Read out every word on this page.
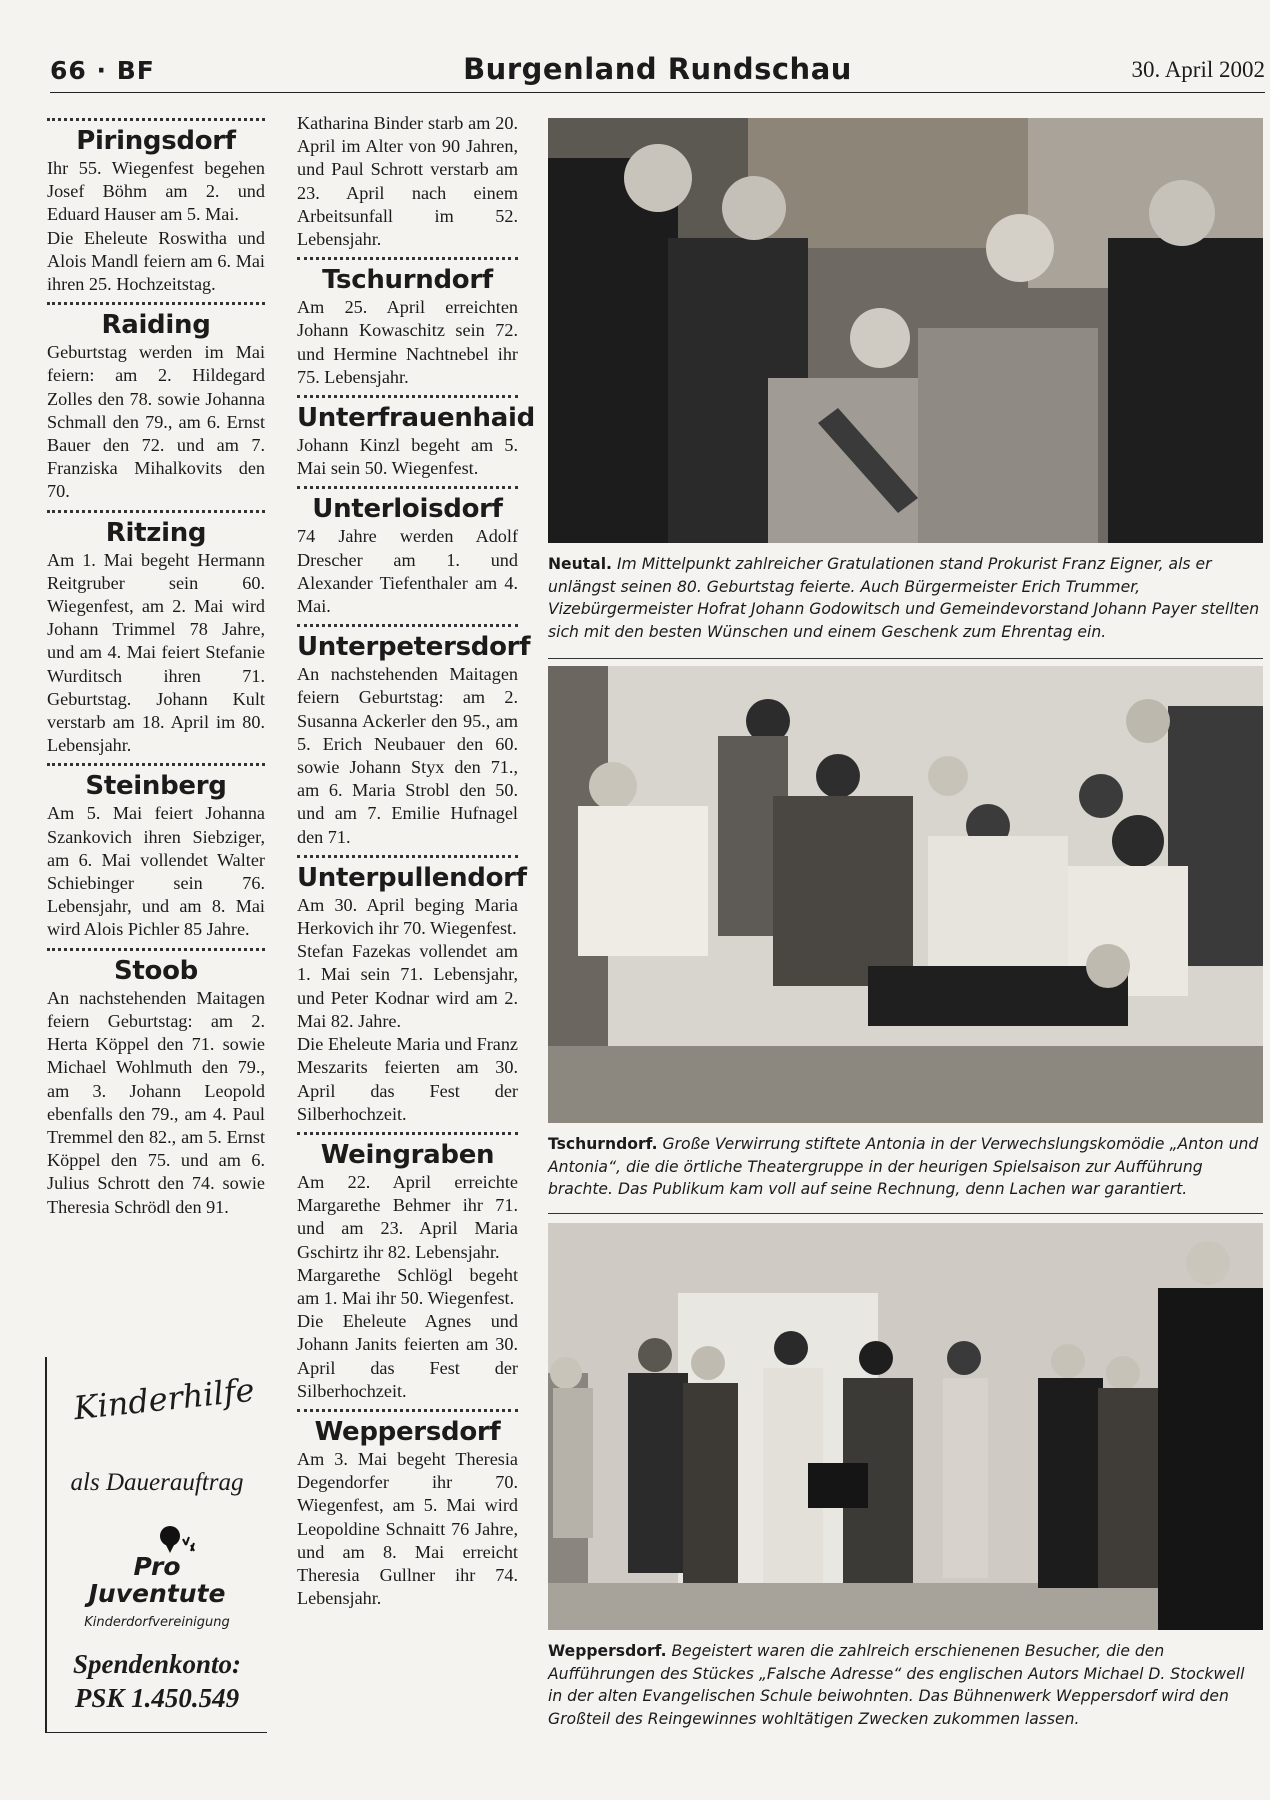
66 · BF	Burgenland Rundschau	30. April 2002
Piringsdorf

Ihr 55. Wiegenfest begehen Josef Böhm am 2. und Eduard Hauser am 5. Mai.

Die Eheleute Roswitha und Alois Mandl feiern am 6. Mai ihren 25. Hochzeitstag.

Raiding

Geburtstag werden im Mai feiern: am 2. Hildegard Zolles den 78. sowie Johanna Schmall den 79., am 6. Ernst Bauer den 72. und am 7. Franziska Mihalkovits den 70.

Ritzing

Am 1. Mai begeht Hermann Reitgruber sein 60. Wiegenfest, am 2. Mai wird Johann Trimmel 78 Jahre, und am 4. Mai feiert Stefanie Wurditsch ihren 71. Geburtstag. Johann Kult verstarb am 18. April im 80. Lebensjahr.

Steinberg

Am 5. Mai feiert Johanna Szankovich ihren Siebziger, am 6. Mai vollendet Walter Schiebinger sein 76. Lebensjahr, und am 8. Mai wird Alois Pichler 85 Jahre.

Stoob

An nachstehenden Maitagen feiern Geburtstag: am 2. Herta Köppel den 71. sowie Michael Wohlmuth den 79., am 3. Johann Leopold ebenfalls den 79., am 4. Paul Tremmel den 82., am 5. Ernst Köppel den 75. und am 6. Julius Schrott den 74. sowie Theresia Schrödl den 91.

Kinderhilfe
als Dauerauftrag
Pro
Juventute
Kinderdorfvereinigung
Spendenkonto:
PSK 1.450.549

Katharina Binder starb am 20. April im Alter von 90 Jahren, und Paul Schrott verstarb am 23. April nach einem Arbeitsunfall im 52. Lebensjahr.

Tschurndorf

Am 25. April erreichten Johann Kowaschitz sein 72. und Hermine Nachtnebel ihr 75. Lebensjahr.

Unterfrauenhaid

Johann Kinzl begeht am 5. Mai sein 50. Wiegenfest.

Unterloisdorf

74 Jahre werden Adolf Drescher am 1. und Alexander Tiefenthaler am 4. Mai.

Unterpetersdorf

An nachstehenden Maitagen feiern Geburtstag: am 2. Susanna Ackerler den 95., am 5. Erich Neubauer den 60. sowie Johann Styx den 71., am 6. Maria Strobl den 50. und am 7. Emilie Hufnagel den 71.

Unterpullendorf

Am 30. April beging Maria Herkovich ihr 70. Wiegenfest.

Stefan Fazekas vollendet am 1. Mai sein 71. Lebensjahr, und Peter Kodnar wird am 2. Mai 82. Jahre.

Die Eheleute Maria und Franz Meszarits feierten am 30. April das Fest der Silberhochzeit.

Weingraben

Am 22. April erreichte Margarethe Behmer ihr 71. und am 23. April Maria Gschirtz ihr 82. Lebensjahr.

Margarethe Schlögl begeht am 1. Mai ihr 50. Wiegenfest.

Die Eheleute Agnes und Johann Janits feierten am 30. April das Fest der Silberhochzeit.

Weppersdorf

Am 3. Mai begeht Theresia Degendorfer ihr 70. Wiegenfest, am 5. Mai wird Leopoldine Schnaitt 76 Jahre, und am 8. Mai erreicht Theresia Gullner ihr 74. Lebensjahr.

Neutal. Im Mittelpunkt zahlreicher Gratulationen stand Prokurist Franz Eigner, als er unlängst seinen 80. Geburtstag feierte. Auch Bürgermeister Erich Trummer, Vizebürgermeister Hofrat Johann Godowitsch und Gemeindevorstand Johann Payer stellten sich mit den besten Wünschen und einem Geschenk zum Ehrentag ein.
Tschurndorf. Große Verwirrung stiftete Antonia in der Verwechslungskomödie „Anton und Antonia“, die die örtliche Theatergruppe in der heurigen Spielsaison zur Aufführung brachte. Das Publikum kam voll auf seine Rechnung, denn Lachen war garantiert.
Weppersdorf. Begeistert waren die zahlreich erschienenen Besucher, die den Aufführungen des Stückes „Falsche Adresse“ des englischen Autors Michael D. Stockwell in der alten Evangelischen Schule beiwohnten. Das Bühnenwerk Weppersdorf wird den Großteil des Reingewinnes wohltätigen Zwecken zukommen lassen.
